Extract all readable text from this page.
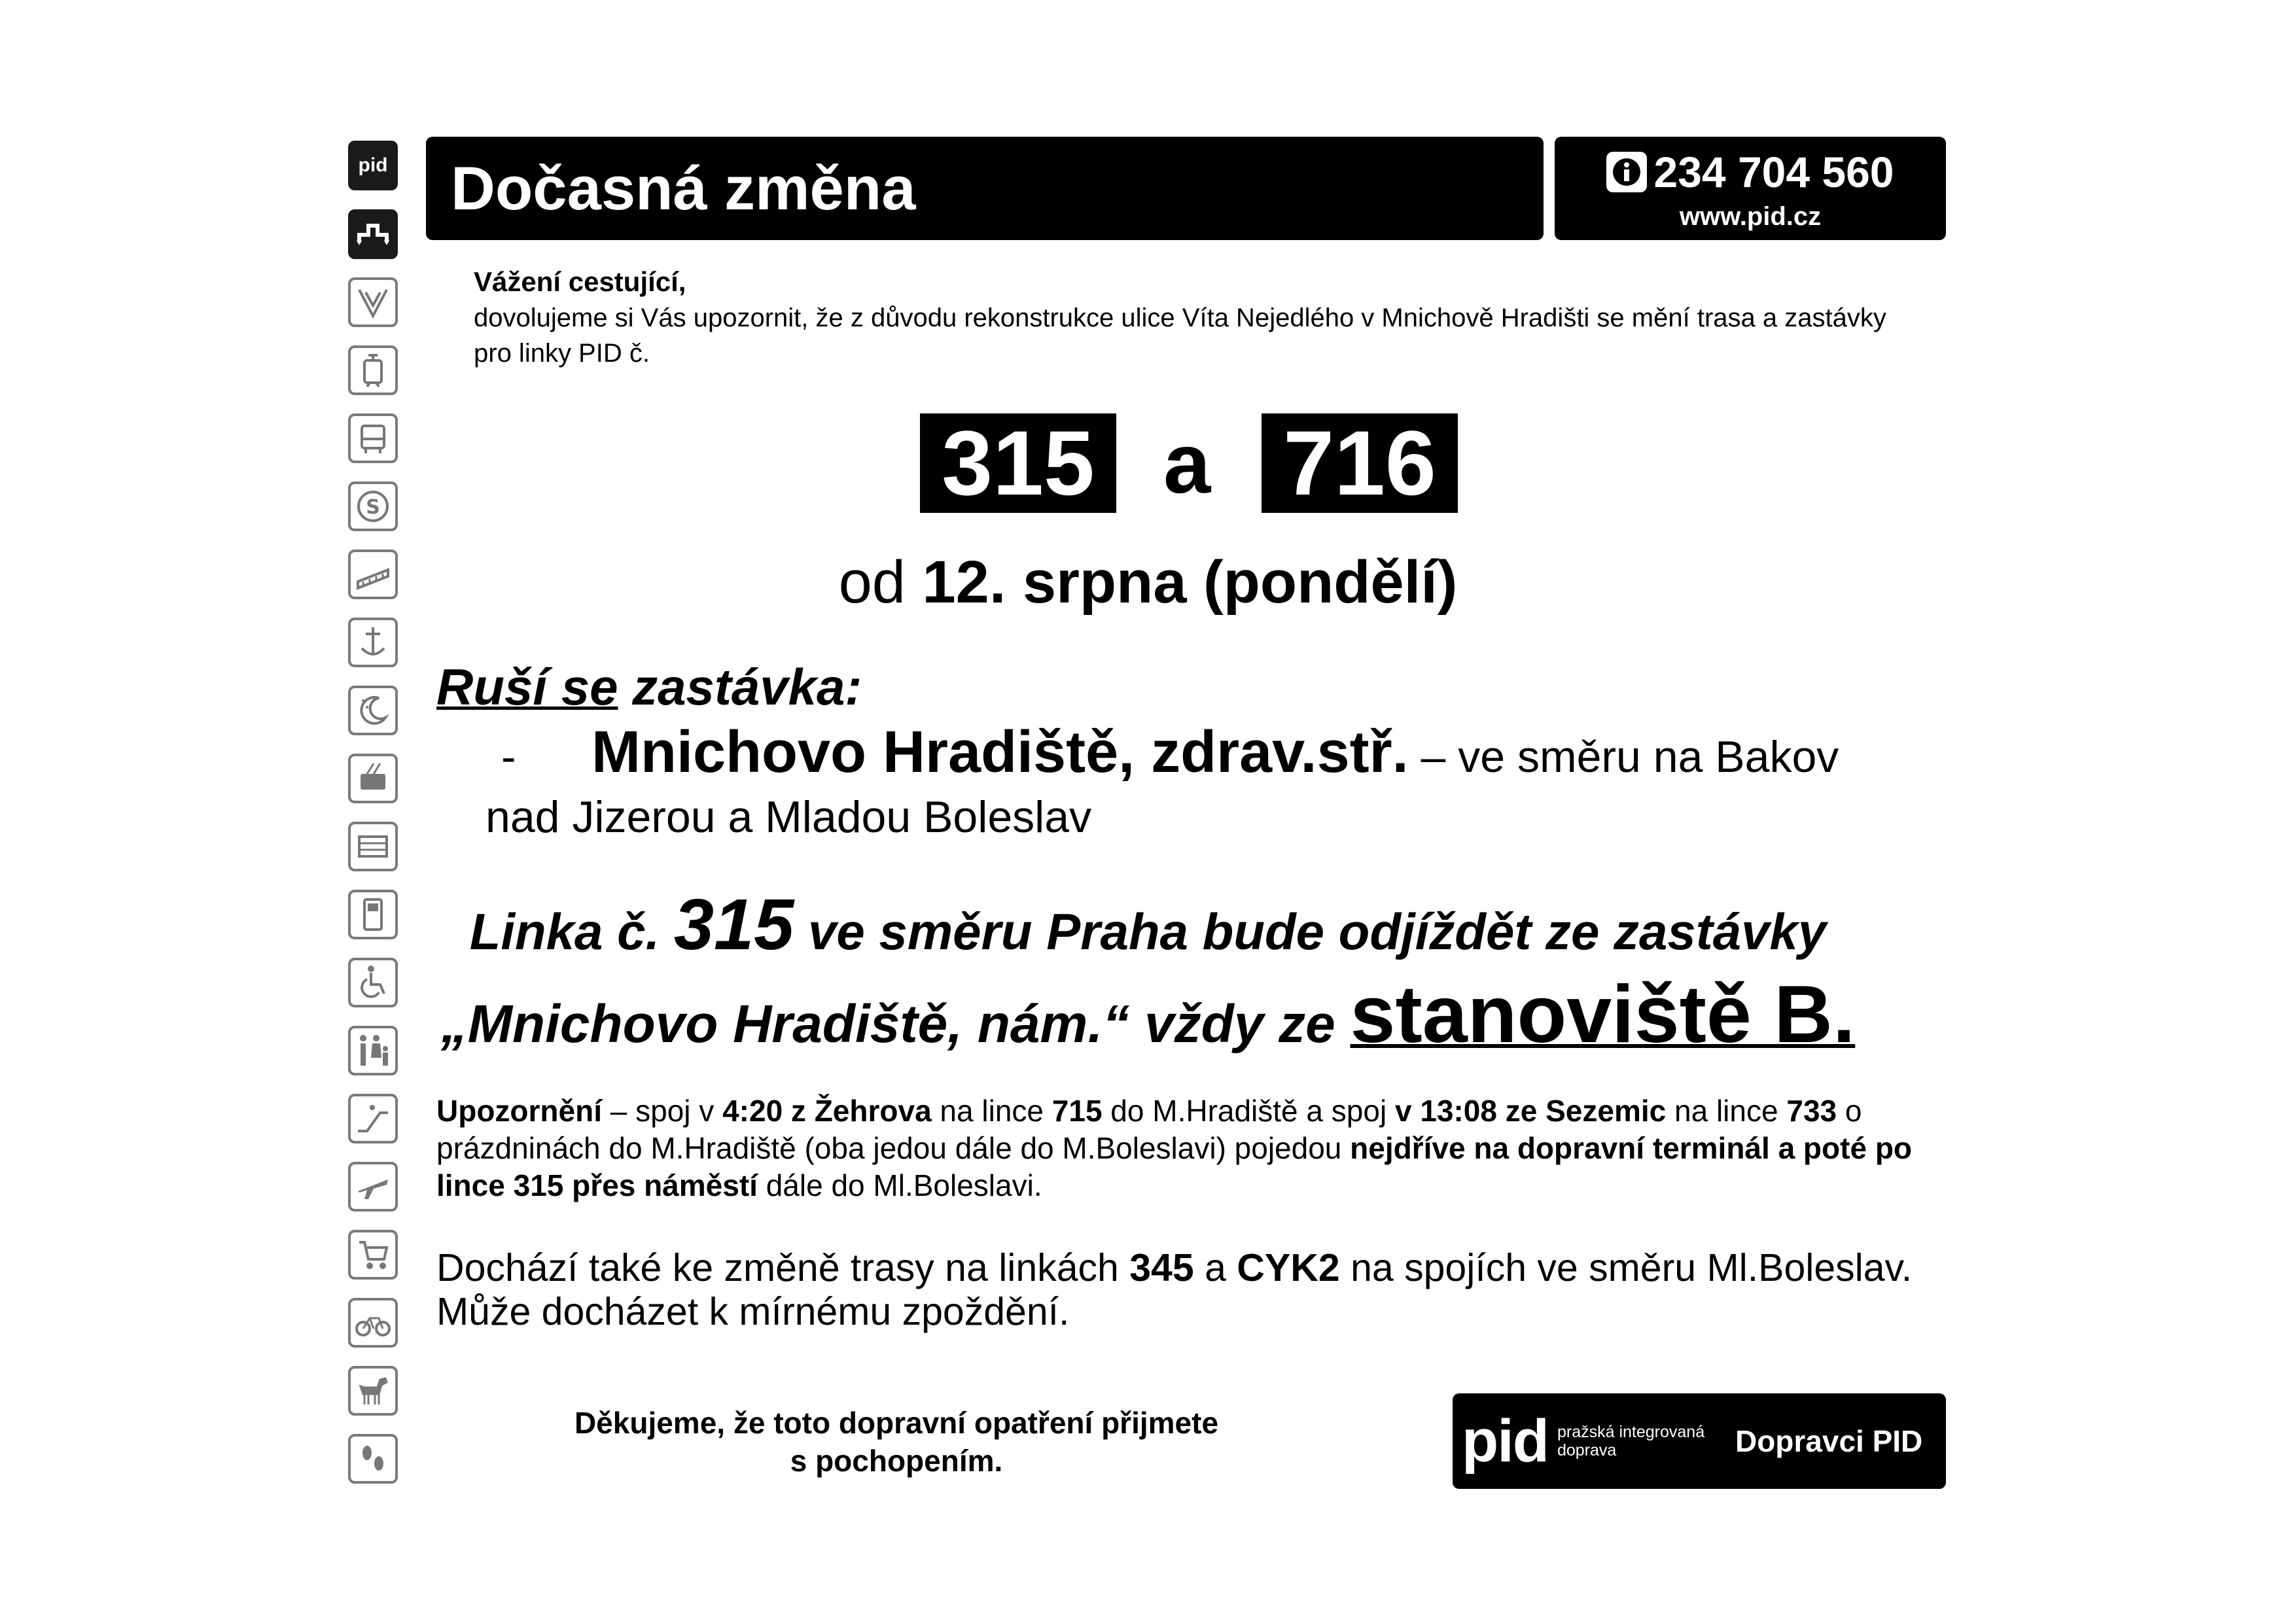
pid
S
Dočasná změna	234 704 560
www.pid.cz
Vážení cestující,
dovolujeme si Vás upozornit, že z důvodu rekonstrukce ulice Víta Nejedlého v Mnichově Hradišti se mění trasa a zastávky pro linky PID č.
315 a 716
od 12. srpna (pondělí)
Ruší se zastávka:
- Mnichovo Hradiště, zdrav.stř. – ve směru na Bakov
nad Jizerou a Mladou Boleslav
Linka č. 315 ve směru Praha bude odjíždět ze zastávky
„Mnichovo Hradiště, nám.“ vždy ze stanoviště B.
Upozornění – spoj v 4:20 z Žehrova na lince 715 do M.Hradiště a spoj v 13:08 ze Sezemic na lince 733 o prázdninách do M.Hradiště (oba jedou dále do M.Boleslavi) pojedou nejdříve na dopravní terminál a poté po lince 315 přes náměstí dále do Ml.Boleslavi.
Dochází také ke změně trasy na linkách 345 a CYK2 na spojích ve směru Ml.Boleslav.
Může docházet k mírnému zpoždění.
Děkujeme, že toto dopravní opatření přijmete
s pochopením.	pid pražská integrovaná
doprava	Dopravci PID
